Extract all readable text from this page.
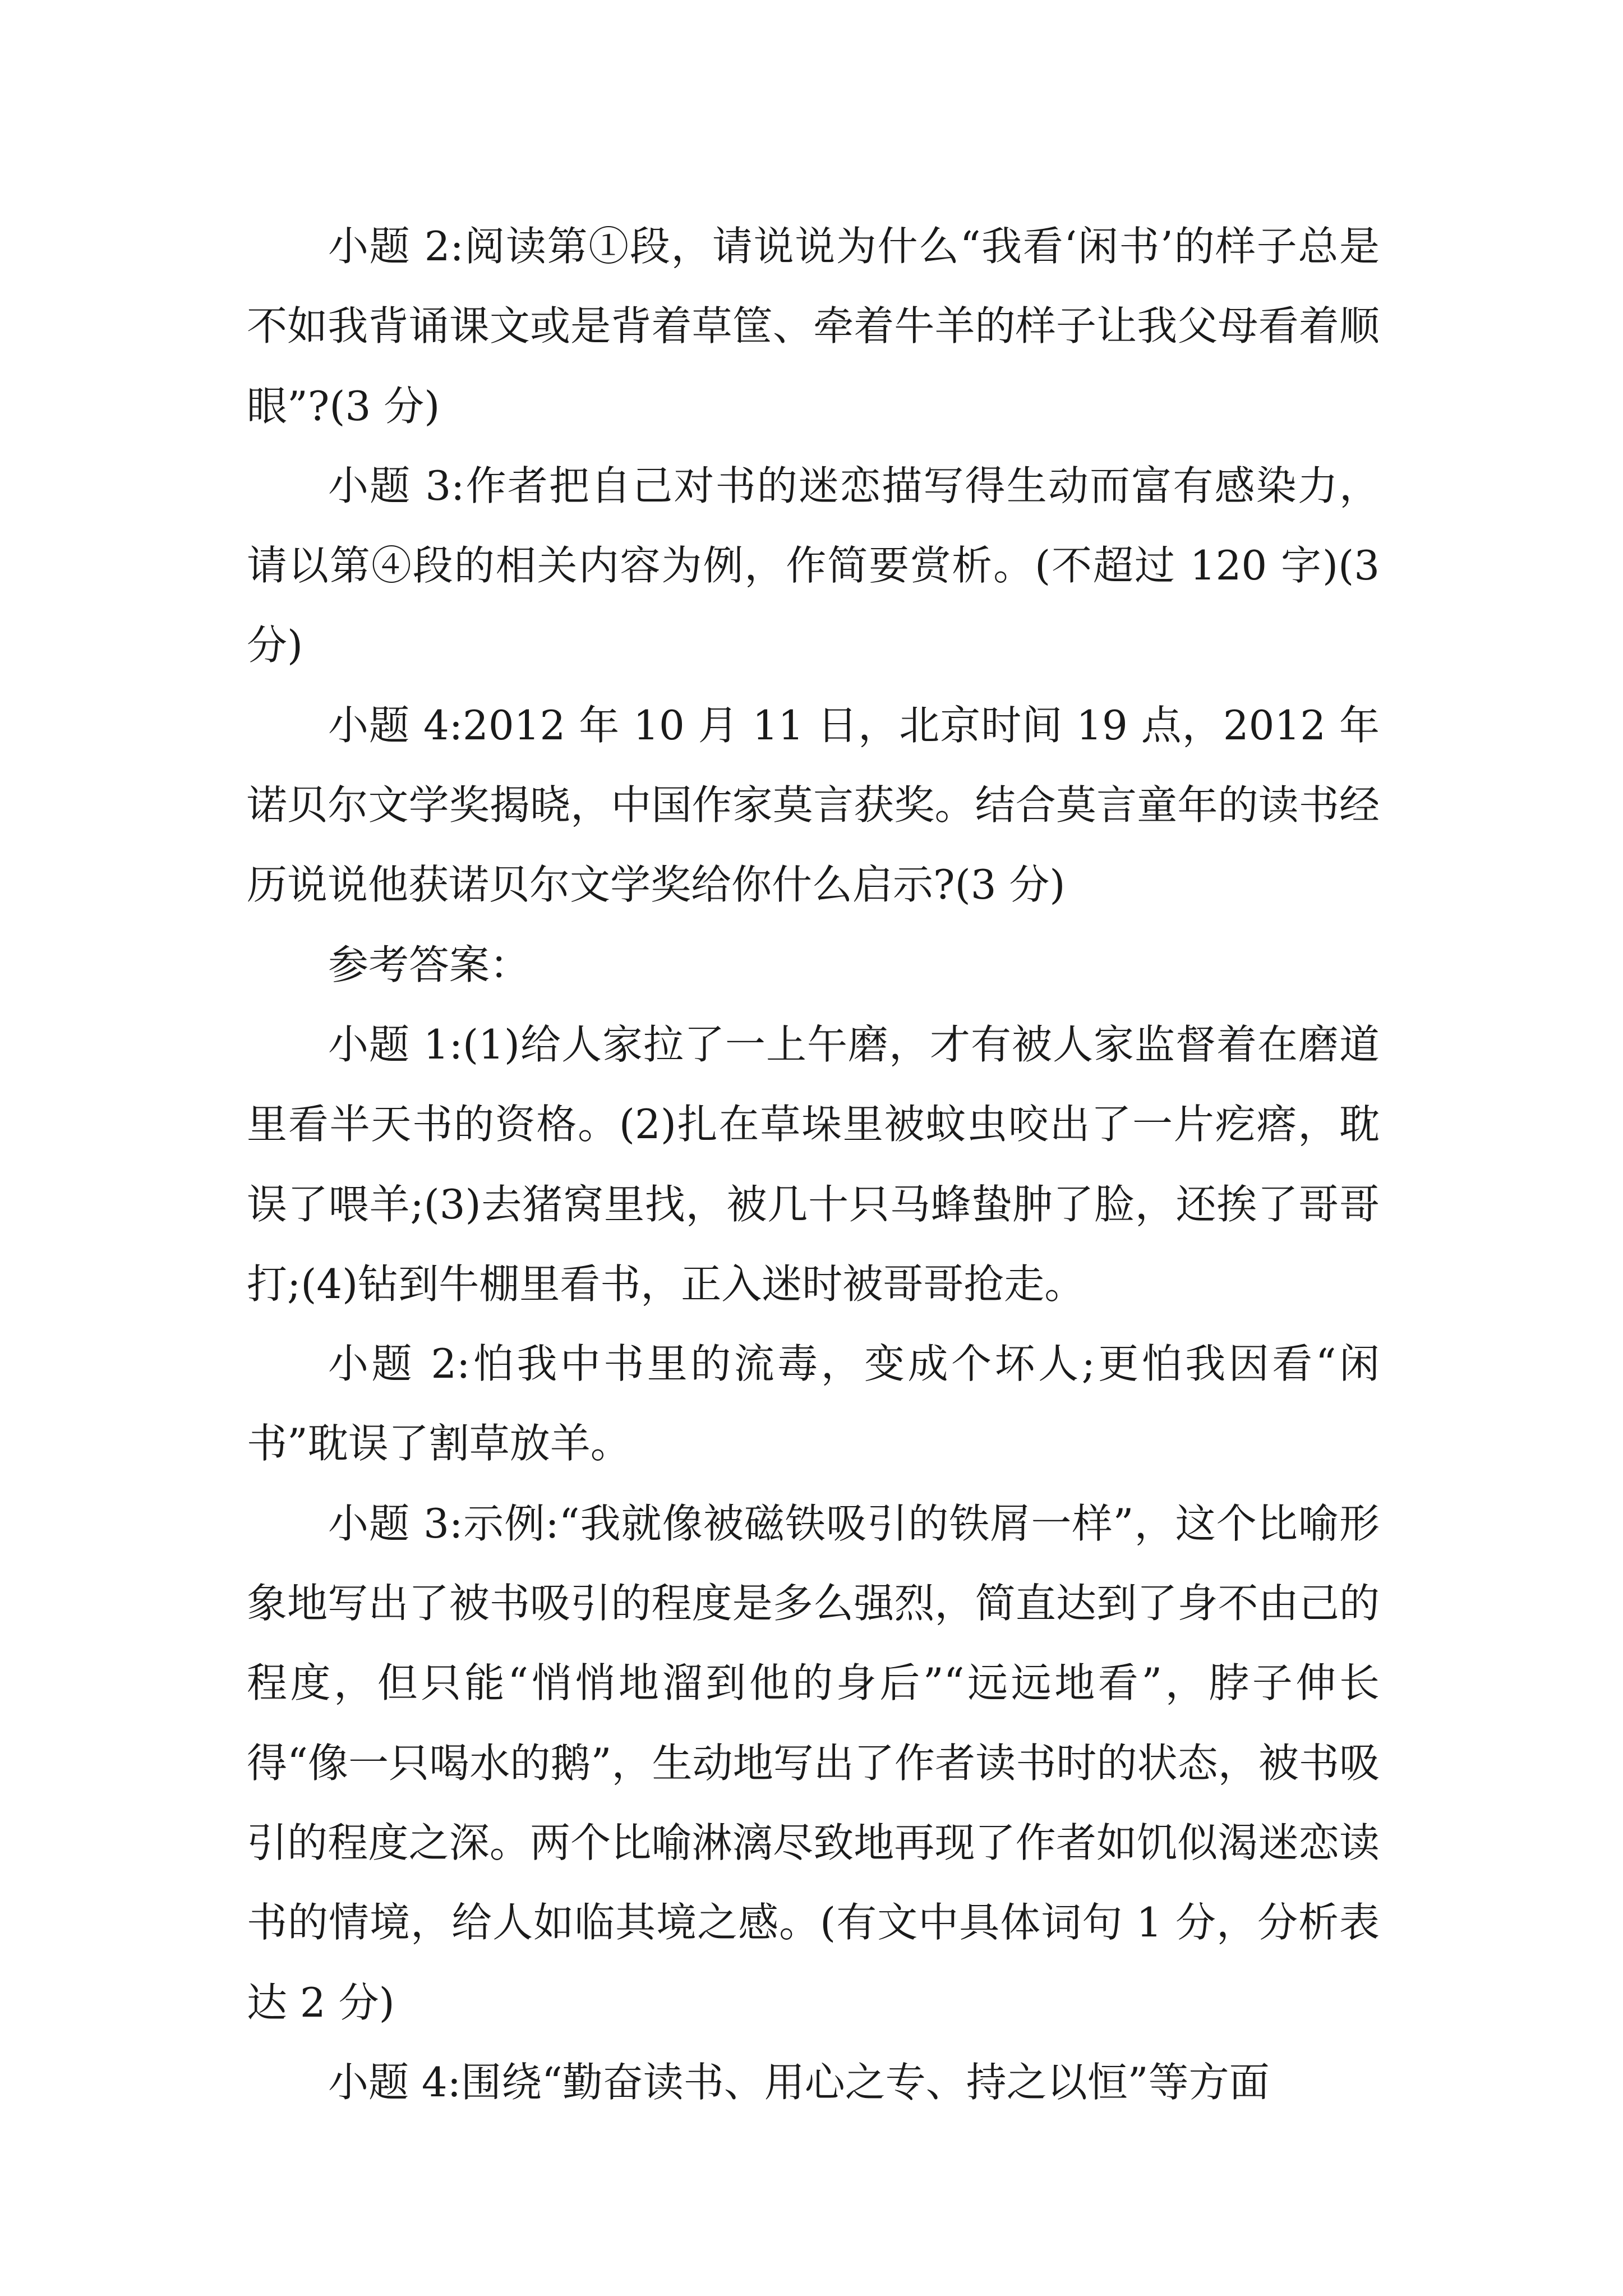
小题 2:阅读第①段，请说说为什么“我看‘闲书’的样子总是不如我背诵课文或是背着草筐、牵着牛羊的样子让我父母看着顺眼”?(3 分)

小题 3:作者把自己对书的迷恋描写得生动而富有感染力，请以第④段的相关内容为例，作简要赏析。(不超过 120 字)(3 分)

小题 4:2012 年 10 月 11 日，北京时间 19 点，2012 年诺贝尔文学奖揭晓，中国作家莫言获奖。结合莫言童年的读书经历说说他获诺贝尔文学奖给你什么启示?(3 分)

参考答案：

小题 1:(1)给人家拉了一上午磨，才有被人家监督着在磨道里看半天书的资格。(2)扎在草垛里被蚊虫咬出了一片疙瘩，耽误了喂羊;(3)去猪窝里找，被几十只马蜂蛰肿了脸，还挨了哥哥打;(4)钻到牛棚里看书，正入迷时被哥哥抢走。

小题 2:怕我中书里的流毒，变成个坏人;更怕我因看“闲书”耽误了割草放羊。

小题 3:示例:“我就像被磁铁吸引的铁屑一样”，这个比喻形象地写出了被书吸引的程度是多么强烈，简直达到了身不由己的程度，但只能“悄悄地溜到他的身后”“远远地看”，脖子伸长得“像一只喝水的鹅”，生动地写出了作者读书时的状态，被书吸引的程度之深。两个比喻淋漓尽致地再现了作者如饥似渴迷恋读书的情境，给人如临其境之感。(有文中具体词句 1 分，分析表达 2 分)

小题 4:围绕“勤奋读书、用心之专、持之以恒”等方面
